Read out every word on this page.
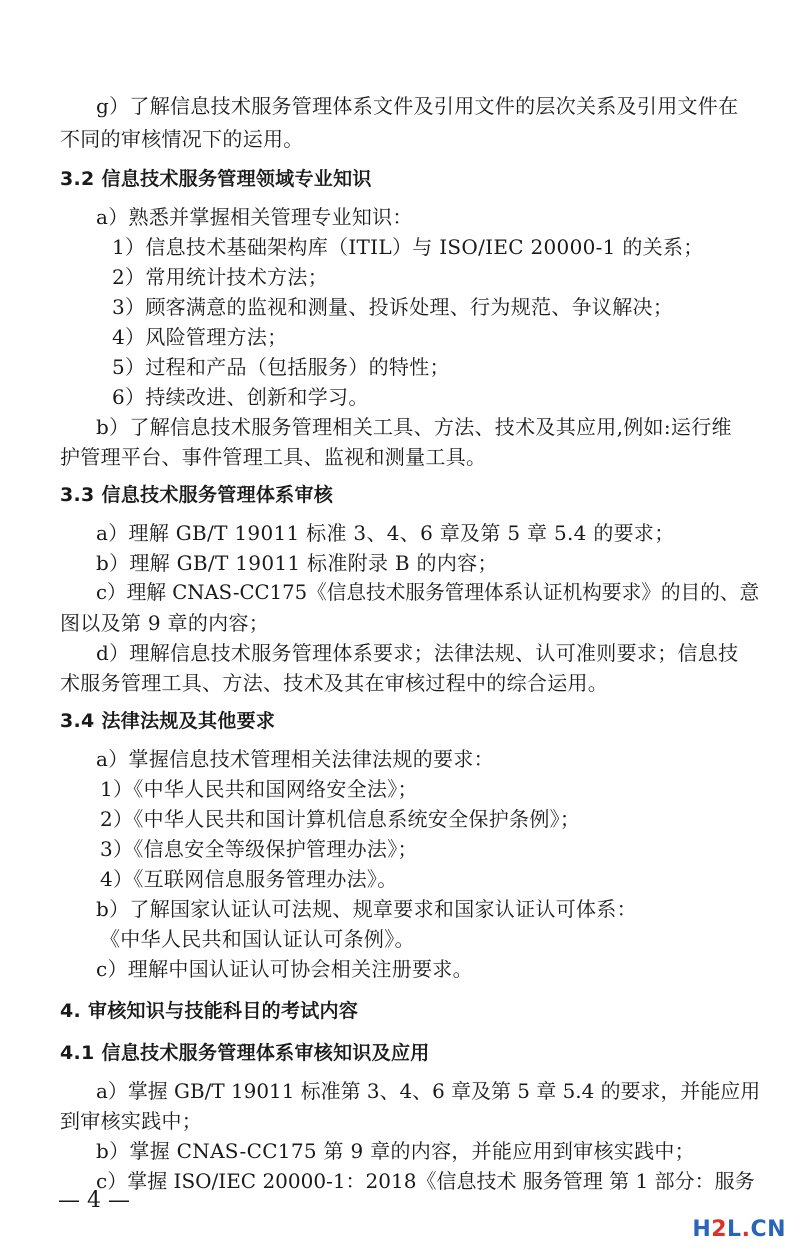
g）了解信息技术服务管理体系文件及引用文件的层次关系及引用文件在
不同的审核情况下的运用。
3.2 信息技术服务管理领域专业知识
a）熟悉并掌握相关管理专业知识：
1）信息技术基础架构库（ITIL）与 ISO/IEC 20000-1 的关系；
2）常用统计技术方法；
3）顾客满意的监视和测量、投诉处理、行为规范、争议解决；
4）风险管理方法；
5）过程和产品（包括服务）的特性；
6）持续改进、创新和学习。
b）了解信息技术服务管理相关工具、方法、技术及其应用,例如:运行维
护管理平台、事件管理工具、监视和测量工具。
3.3 信息技术服务管理体系审核
a）理解 GB/T 19011 标准 3、4、6 章及第 5 章 5.4 的要求；
b）理解 GB/T 19011 标准附录 B 的内容；
c）理解 CNAS-CC175《信息技术服务管理体系认证机构要求》的目的、意
图以及第 9 章的内容；
d）理解信息技术服务管理体系要求；法律法规、认可准则要求；信息技
术服务管理工具、方法、技术及其在审核过程中的综合运用。
3.4 法律法规及其他要求
a）掌握信息技术管理相关法律法规的要求：
1）《中华人民共和国网络安全法》；
2）《中华人民共和国计算机信息系统安全保护条例》；
3）《信息安全等级保护管理办法》；
4）《互联网信息服务管理办法》。
b）了解国家认证认可法规、规章要求和国家认证认可体系：
《中华人民共和国认证认可条例》。
c）理解中国认证认可协会相关注册要求。
4. 审核知识与技能科目的考试内容
4.1 信息技术服务管理体系审核知识及应用
a）掌握 GB/T 19011 标准第 3、4、6 章及第 5 章 5.4 的要求，并能应用
到审核实践中；
b）掌握 CNAS-CC175 第 9 章的内容，并能应用到审核实践中；
c）掌握 ISO/IEC 20000-1：2018《信息技术 服务管理 第 1 部分：服务
— 4 —
H2L.CN
